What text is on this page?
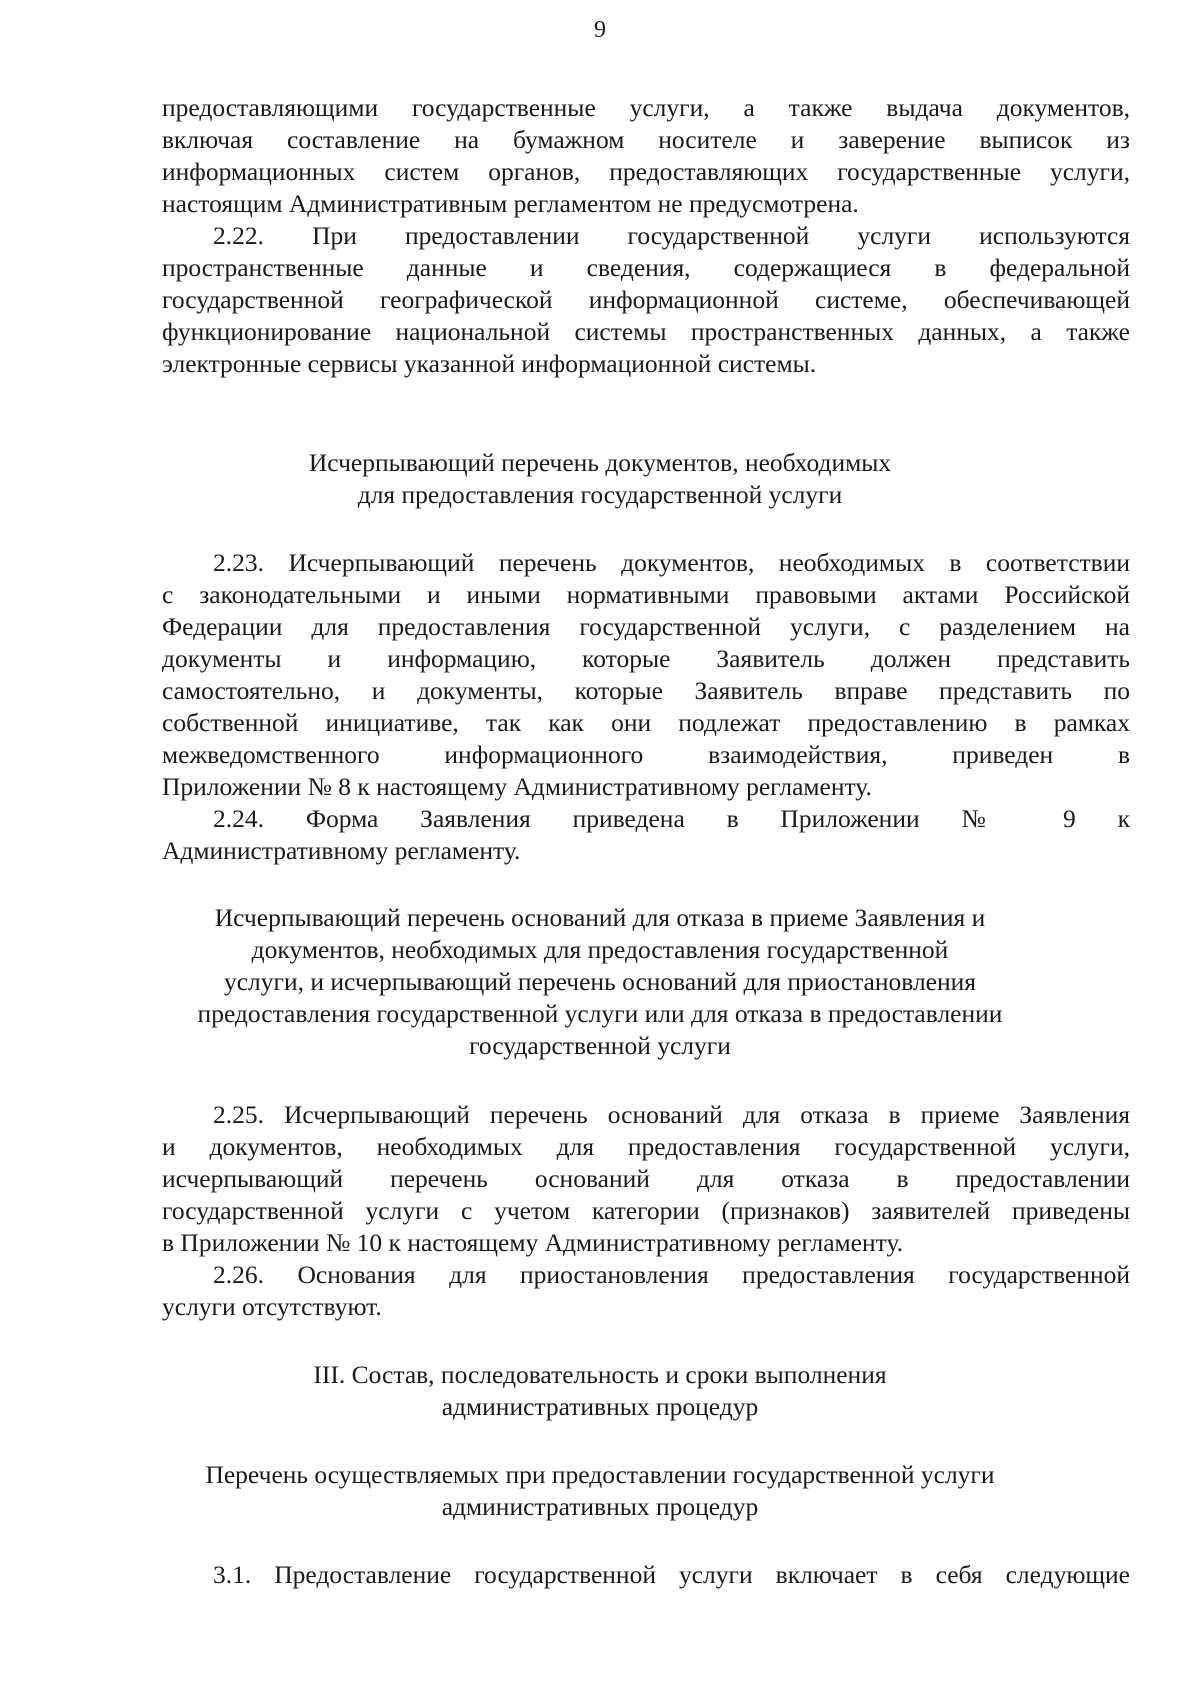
9
предоставляющими государственные услуги, а также выдача документов,
включая составление на бумажном носителе и заверение выписок из
информационных систем органов, предоставляющих государственные услуги,
настоящим Административным регламентом не предусмотрена.
2.22. При предоставлении государственной услуги используются
пространственные данные и сведения, содержащиеся в федеральной
государственной географической информационной системе, обеспечивающей
функционирование национальной системы пространственных данных, а также
электронные сервисы указанной информационной системы.
Исчерпывающий перечень документов, необходимых
для предоставления государственной услуги
2.23. Исчерпывающий перечень документов, необходимых в соответствии
с законодательными и иными нормативными правовыми актами Российской
Федерации для предоставления государственной услуги, с разделением на
документы и информацию, которые Заявитель должен представить
самостоятельно, и документы, которые Заявитель вправе представить по
собственной инициативе, так как они подлежат предоставлению в рамках
межведомственного информационного взаимодействия, приведен в
Приложении № 8 к настоящему Административному регламенту.
2.24. Форма Заявления приведена в Приложении № 9 к
Административному регламенту.
Исчерпывающий перечень оснований для отказа в приеме Заявления и
документов, необходимых для предоставления государственной
услуги, и исчерпывающий перечень оснований для приостановления
предоставления государственной услуги или для отказа в предоставлении
государственной услуги
2.25. Исчерпывающий перечень оснований для отказа в приеме Заявления
и документов, необходимых для предоставления государственной услуги,
исчерпывающий перечень оснований для отказа в предоставлении
государственной услуги с учетом категории (признаков) заявителей приведены
в Приложении № 10 к настоящему Административному регламенту.
2.26. Основания для приостановления предоставления государственной
услуги отсутствуют.
III. Состав, последовательность и сроки выполнения
административных процедур
Перечень осуществляемых при предоставлении государственной услуги
административных процедур
3.1. Предоставление государственной услуги включает в себя следующие
